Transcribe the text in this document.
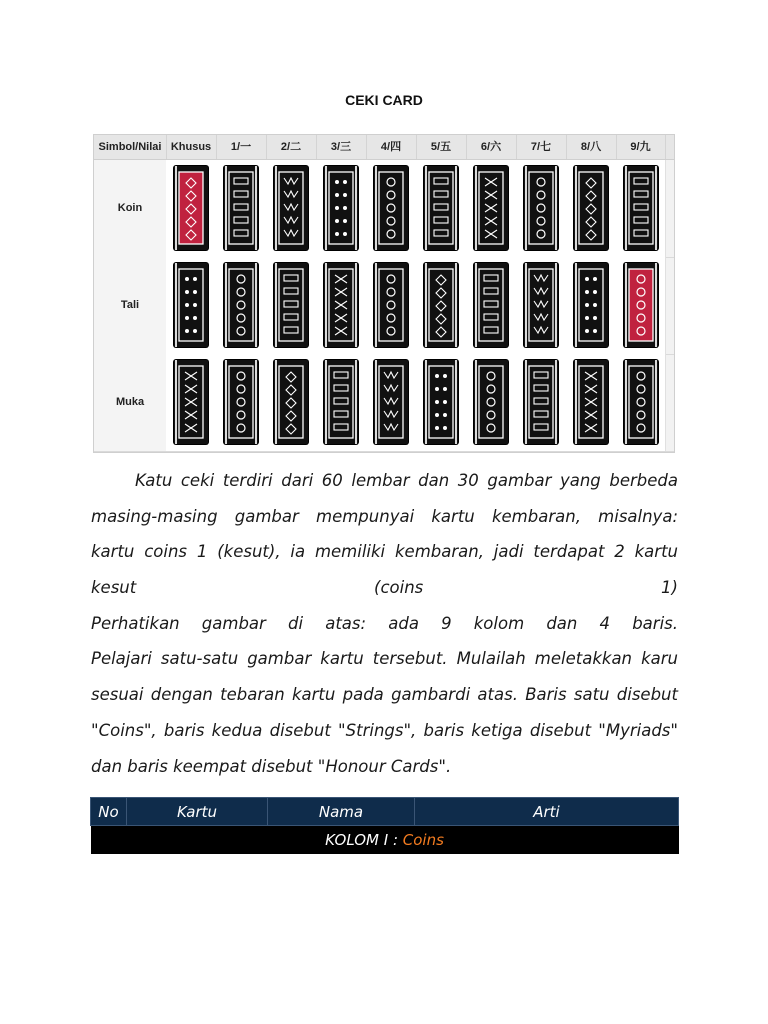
CEKI CARD
Simbol/Nilai Khusus	1/一	2/二	3/三	4/四	5/五	6/六	7/七	8/八	9/九
Koin
Tali
Muka
Katu ceki terdiri dari 60 lembar dan 30 gambar yang berbeda
masing-masing gambar mempunyai kartu kembaran, misalnya:
kartu coins 1 (kesut), ia memiliki kembaran, jadi terdapat 2 kartu
kesut (coins 1)
Perhatikan gambar di atas: ada 9 kolom dan 4 baris.
Pelajari satu-satu gambar kartu tersebut. Mulailah meletakkan karu
sesuai dengan tebaran kartu pada gambardi atas. Baris satu disebut
"Coins", baris kedua disebut "Strings", baris ketiga disebut "Myriads"
dan baris keempat disebut "Honour Cards".
No	Kartu	Nama	Arti
KOLOM I : Coins
